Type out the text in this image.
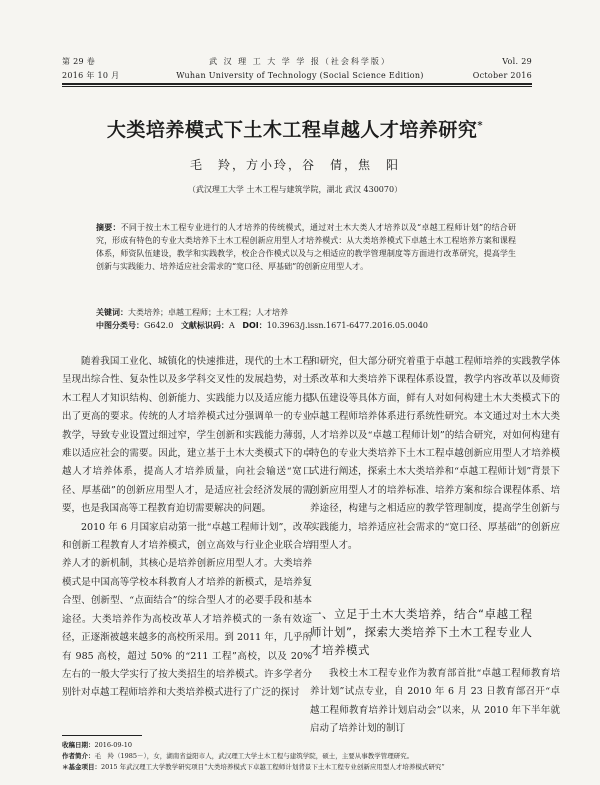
第 29 卷
2016 年 10 月
武 汉 理 工 大 学 学 报（社会科学版）
Wuhan University of Technology (Social Science Edition)
Vol. 29
October 2016
大类培养模式下土木工程卓越人才培养研究*
毛　羚，方小玲，谷　倩，焦　阳
（武汉理工大学 土木工程与建筑学院，湖北 武汉 430070）
摘要：不同于按土木工程专业进行的人才培养的传统模式，通过对土木大类人才培养以及“卓越工程师计划”的结合研究，形成有特色的专业大类培养下土木工程创新应用型人才培养模式：从大类培养模式下卓越土木工程培养方案和课程体系，师资队伍建设，教学和实践教学，校企合作模式以及与之相适应的教学管理制度等方面进行改革研究，提高学生创新与实践能力、培养适应社会需求的“宽口径、厚基础”的创新应用型人才。
关键词：大类培养；卓越工程师；土木工程；人才培养
中图分类号：G642.0 文献标识码：A DOI：10.3963/j.issn.1671-6477.2016.05.0040

随着我国工业化、城镇化的快速推进，现代的土木工程呈现出综合性、复杂性以及多学科交叉性的发展趋势，对土木工程人才知识结构、创新能力、实践能力以及适应能力提出了更高的要求。传统的人才培养模式过分强调单一的专业教学，导致专业设置过细过窄，学生创新和实践能力薄弱，难以适应社会的需要。因此，建立基于土木大类模式下的卓越人才培养体系，提高人才培养质量，向社会输送“宽口径、厚基础”的创新应用型人才，是适应社会经济发展的需要，也是我国高等工程教育迫切需要解决的问题。

2010 年 6 月国家启动第一批“卓越工程师计划”，改革和创新工程教育人才培养模式，创立高效与行业企业联合培养人才的新机制，其核心是培养创新应用型人才。大类培养模式是中国高等学校本科教育人才培养的新模式，是培养复合型、创新型、“点面结合”的综合型人才的必要手段和基本途径。大类培养作为高校改革人才培养模式的一条有效途径，正逐渐被越来越多的高校所采用。到 2011 年，几乎所有 985 高校，超过 50% 的“211 工程”高校，以及 20% 左右的一般大学实行了按大类招生的培养模式。许多学者分别针对卓越工程师培养和大类培养模式进行了广泛的探讨

和研究，但大部分研究着重于卓越工程师培养的实践教学体系改革和大类培养下课程体系设置，教学内容改革以及师资队伍建设等具体方面，鲜有人对如何构建土木大类模式下的卓越工程师培养体系进行系统性研究。本文通过对土木大类人才培养以及“卓越工程师计划”的结合研究，对如何构建有特色的专业大类培养下土木工程卓越创新应用型人才培养模式进行阐述，探索土木大类培养和“卓越工程师计划”背景下创新应用型人才的培养标准、培养方案和综合课程体系、培养途径，构建与之相适应的教学管理制度，提高学生创新与实践能力，培养适应社会需求的“宽口径、厚基础”的创新应用型人才。

一、立足于土木大类培养，结合“卓越工程师计划”，探索大类培养下土木工程专业人才培养模式

我校土木工程专业作为教育部首批“卓越工程师教育培养计划”试点专业，自 2010 年 6 月 23 日教育部召开“卓越工程师教育培养计划启动会”以来，从 2010 年下半年就启动了培养计划的制订

收稿日期：2016-09-10
作者简介：毛　羚（1985－），女，湖南省益阳市人，武汉理工大学土木工程与建筑学院，硕士，主要从事教学管理研究。
＊基金项目：2015 年武汉理工大学教学研究项目“大类培养模式下卓越工程师计划背景下土木工程专业创新应用型人才培养模式研究”
